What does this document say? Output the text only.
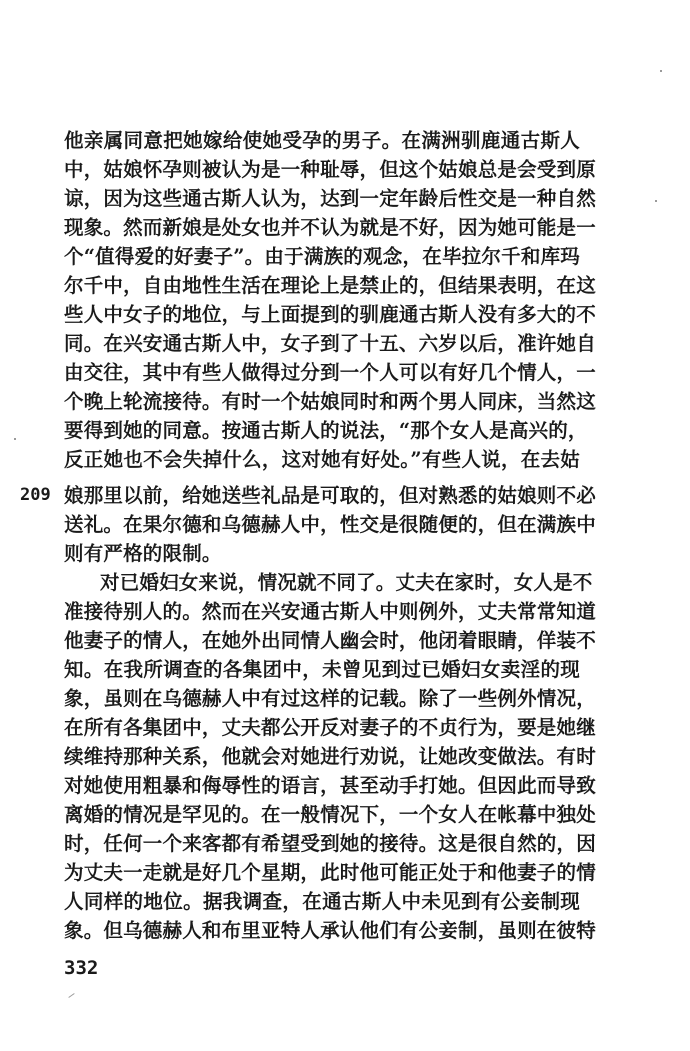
他亲属同意把她嫁给使她受孕的男子。在满洲驯鹿通古斯人
中，姑娘怀孕则被认为是一种耻辱，但这个姑娘总是会受到原
谅，因为这些通古斯人认为，达到一定年龄后性交是一种自然
现象。然而新娘是处女也并不认为就是不好，因为她可能是一
个“值得爱的好妻子”。由于满族的观念，在毕拉尔千和库玛
尔千中，自由地性生活在理论上是禁止的，但结果表明，在这
些人中女子的地位，与上面提到的驯鹿通古斯人没有多大的不
同。在兴安通古斯人中，女子到了十五、六岁以后，准许她自
由交往，其中有些人做得过分到一个人可以有好几个情人，一
个晚上轮流接待。有时一个姑娘同时和两个男人同床，当然这
要得到她的同意。按通古斯人的说法，“那个女人是高兴的，
反正她也不会失掉什么，这对她有好处。”有些人说，在去姑
209 娘那里以前，给她送些礼品是可取的，但对熟悉的姑娘则不必
送礼。在果尔德和乌德赫人中，性交是很随便的，但在满族中
则有严格的限制。
对已婚妇女来说，情况就不同了。丈夫在家时，女人是不
准接待别人的。然而在兴安通古斯人中则例外，丈夫常常知道
他妻子的情人，在她外出同情人幽会时，他闭着眼睛，佯装不
知。在我所调查的各集团中，未曾见到过已婚妇女卖淫的现
象，虽则在乌德赫人中有过这样的记载。除了一些例外情况，
在所有各集团中，丈夫都公开反对妻子的不贞行为，要是她继
续维持那种关系，他就会对她进行劝说，让她改变做法。有时
对她使用粗暴和侮辱性的语言，甚至动手打她。但因此而导致
离婚的情况是罕见的。在一般情况下，一个女人在帐幕中独处
时，任何一个来客都有希望受到她的接待。这是很自然的，因
为丈夫一走就是好几个星期，此时他可能正处于和他妻子的情
人同样的地位。据我调查，在通古斯人中未见到有公妾制现
象。但乌德赫人和布里亚特人承认他们有公妾制，虽则在彼特
332
